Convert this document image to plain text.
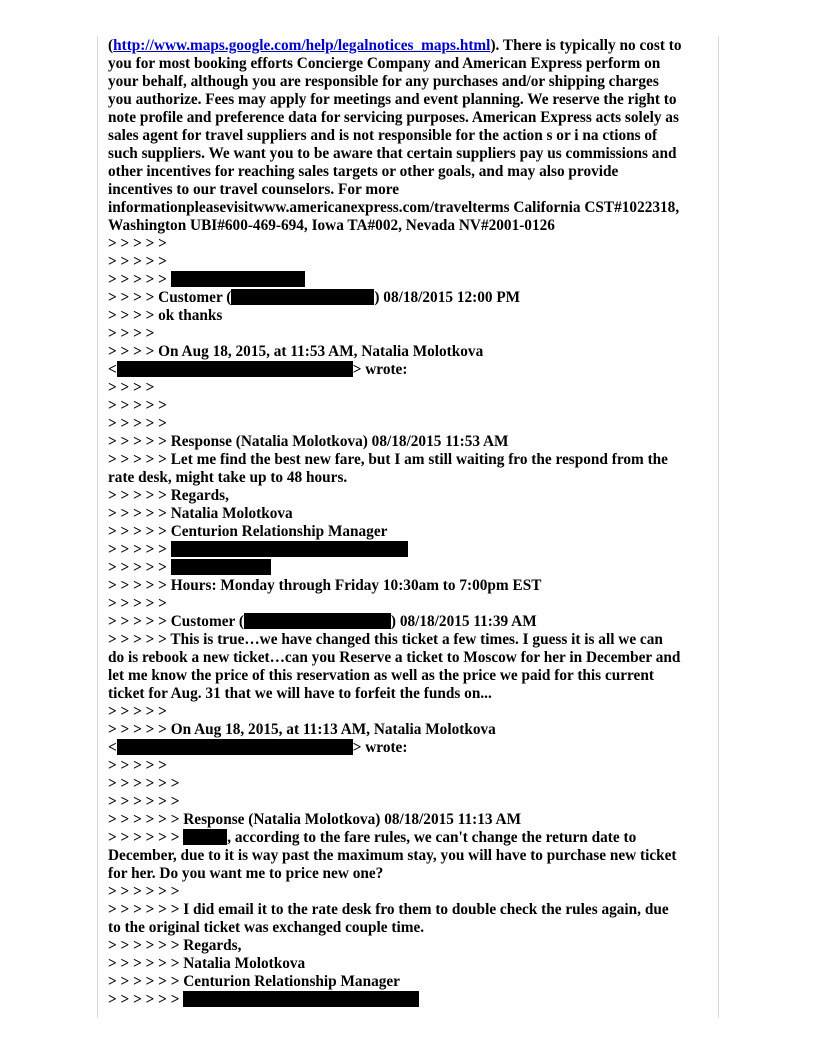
(http://www.maps.google.com/help/legalnotices_maps.html). There is typically no cost to
you for most booking efforts Concierge Company and American Express perform on
your behalf, although you are responsible for any purchases and/or shipping charges
you authorize. Fees may apply for meetings and event planning. We reserve the right to
note profile and preference data for servicing purposes. American Express acts solely as
sales agent for travel suppliers and is not responsible for the action s or i na ctions of
such suppliers. We want you to be aware that certain suppliers pay us commissions and
other incentives for reaching sales targets or other goals, and may also provide
incentives to our travel counselors. For more
informationpleasevisitwww.americanexpress.com/travelterms California CST#1022318,
Washington UBI#600-469-694, Iowa TA#002, Nevada NV#2001-0126
> > > > >
> > > > >
> > > > >
> > > > Customer (	) 08/18/2015 12:00 PM
> > > > ok thanks
> > > >
> > > > On Aug 18, 2015, at 11:53 AM, Natalia Molotkova
<	> wrote:
> > > >
> > > > >
> > > > >
> > > > > Response (Natalia Molotkova) 08/18/2015 11:53 AM
> > > > > Let me find the best new fare, but I am still waiting fro the respond from the
rate desk, might take up to 48 hours.
> > > > > Regards,
> > > > > Natalia Molotkova
> > > > > Centurion Relationship Manager
> > > > >
> > > > >
> > > > > Hours: Monday through Friday 10:30am to 7:00pm EST
> > > > >
> > > > > Customer (	) 08/18/2015 11:39 AM
> > > > > This is true…we have changed this ticket a few times. I guess it is all we can
do is rebook a new ticket…can you Reserve a ticket to Moscow for her in December and
let me know the price of this reservation as well as the price we paid for this current
ticket for Aug. 31 that we will have to forfeit the funds on...
> > > > >
> > > > > On Aug 18, 2015, at 11:13 AM, Natalia Molotkova
<	> wrote:
> > > > >
> > > > > >
> > > > > >
> > > > > > Response (Natalia Molotkova) 08/18/2015 11:13 AM
> > > > > >	, according to the fare rules, we can't change the return date to
December, due to it is way past the maximum stay, you will have to purchase new ticket
for her. Do you want me to price new one?
> > > > > >
> > > > > > I did email it to the rate desk fro them to double check the rules again, due
to the original ticket was exchanged couple time.
> > > > > > Regards,
> > > > > > Natalia Molotkova
> > > > > > Centurion Relationship Manager
> > > > > >
